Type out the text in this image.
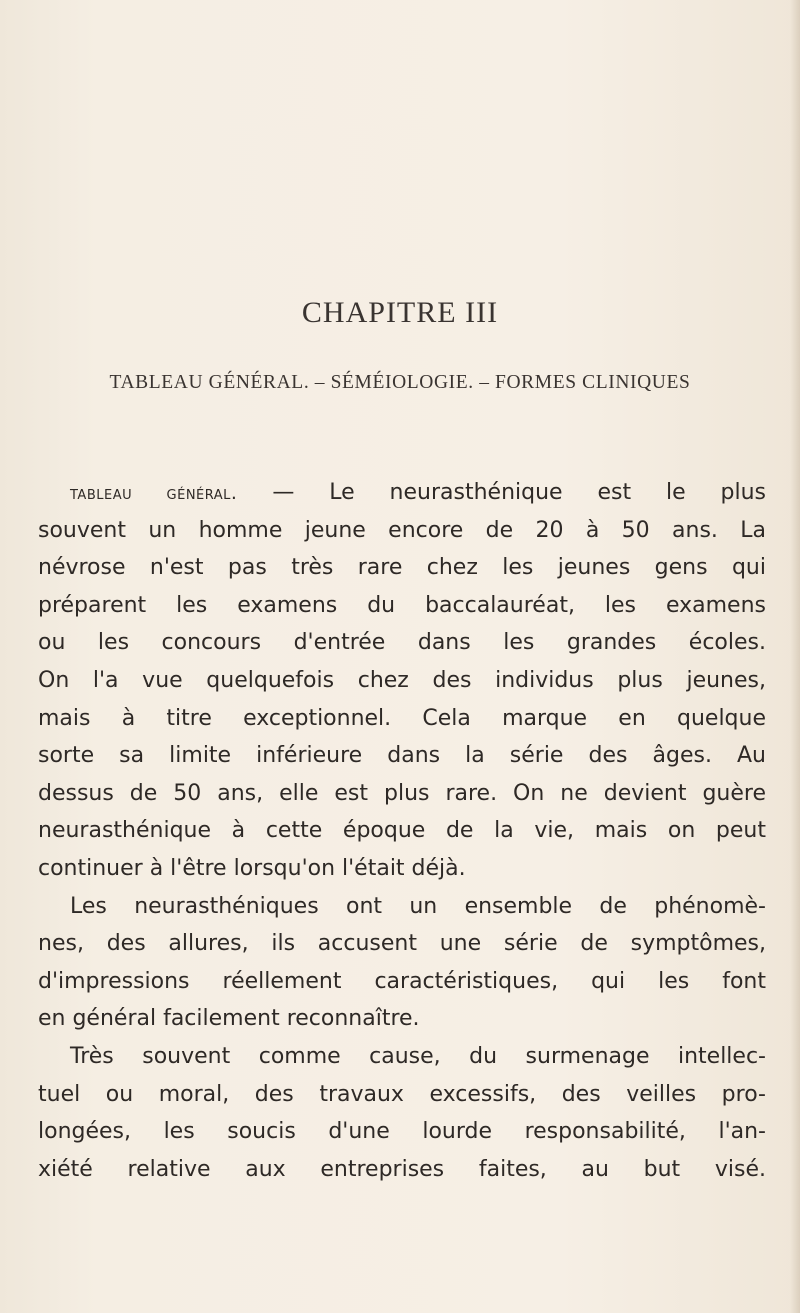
CHAPITRE III
TABLEAU GÉNÉRAL. – SÉMÉIOLOGIE. – FORMES CLINIQUES
tableau général. — Le neurasthénique est le plus
souvent un homme jeune encore de 20 à 50 ans. La
névrose n'est pas très rare chez les jeunes gens qui
préparent les examens du baccalauréat, les examens
ou les concours d'entrée dans les grandes écoles.
On l'a vue quelquefois chez des individus plus jeunes,
mais à titre exceptionnel. Cela marque en quelque
sorte sa limite inférieure dans la série des âges. Au
dessus de 50 ans, elle est plus rare. On ne devient guère
neurasthénique à cette époque de la vie, mais on peut
continuer à l'être lorsqu'on l'était déjà.
Les neurasthéniques ont un ensemble de phénomè-
nes, des allures, ils accusent une série de symptômes,
d'impressions réellement caractéristiques, qui les font
en général facilement reconnaître.
Très souvent comme cause, du surmenage intellec-
tuel ou moral, des travaux excessifs, des veilles pro-
longées, les soucis d'une lourde responsabilité, l'an-
xiété relative aux entreprises faites, au but visé.
